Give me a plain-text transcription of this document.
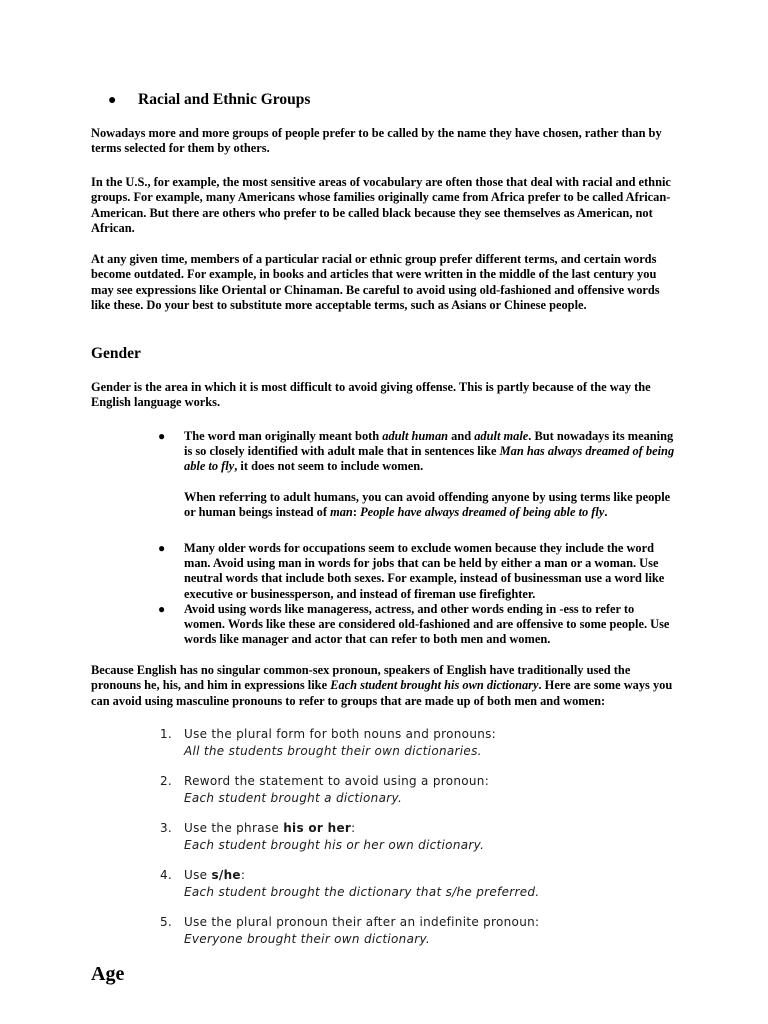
● Racial and Ethnic Groups

Nowadays more and more groups of people prefer to be called by the name they have chosen, rather than by terms selected for them by others.

In the U.S., for example, the most sensitive areas of vocabulary are often those that deal with racial and ethnic groups. For example, many Americans whose families originally came from Africa prefer to be called African-American. But there are others who prefer to be called black because they see themselves as American, not African.

At any given time, members of a particular racial or ethnic group prefer different terms, and certain words become outdated. For example, in books and articles that were written in the middle of the last century you may see expressions like Oriental or Chinaman. Be careful to avoid using old-fashioned and offensive words like these. Do your best to substitute more acceptable terms, such as Asians or Chinese people.

Gender

Gender is the area in which it is most difficult to avoid giving offense. This is partly because of the way the English language works.

● The word man originally meant both adult human and adult male. But nowadays its meaning is so closely identified with adult male that in sentences like Man has always dreamed of being able to fly, it does not seem to include women.

When referring to adult humans, you can avoid offending anyone by using terms like people or human beings instead of man: People have always dreamed of being able to fly.

● Many older words for occupations seem to exclude women because they include the word man. Avoid using man in words for jobs that can be held by either a man or a woman. Use neutral words that include both sexes. For example, instead of businessman use a word like executive or businessperson, and instead of fireman use firefighter.

● Avoid using words like manageress, actress, and other words ending in -ess to refer to women. Words like these are considered old-fashioned and are offensive to some people. Use words like manager and actor that can refer to both men and women.

Because English has no singular common-sex pronoun, speakers of English have traditionally used the pronouns he, his, and him in expressions like Each student brought his own dictionary. Here are some ways you can avoid using masculine pronouns to refer to groups that are made up of both men and women:

1. Use the plural form for both nouns and pronouns:
All the students brought their own dictionaries.
2. Reword the statement to avoid using a pronoun:
Each student brought a dictionary.
3. Use the phrase his or her:
Each student brought his or her own dictionary.
4. Use s/he:
Each student brought the dictionary that s/he preferred.
5. Use the plural pronoun their after an indefinite pronoun:
Everyone brought their own dictionary.
Age
